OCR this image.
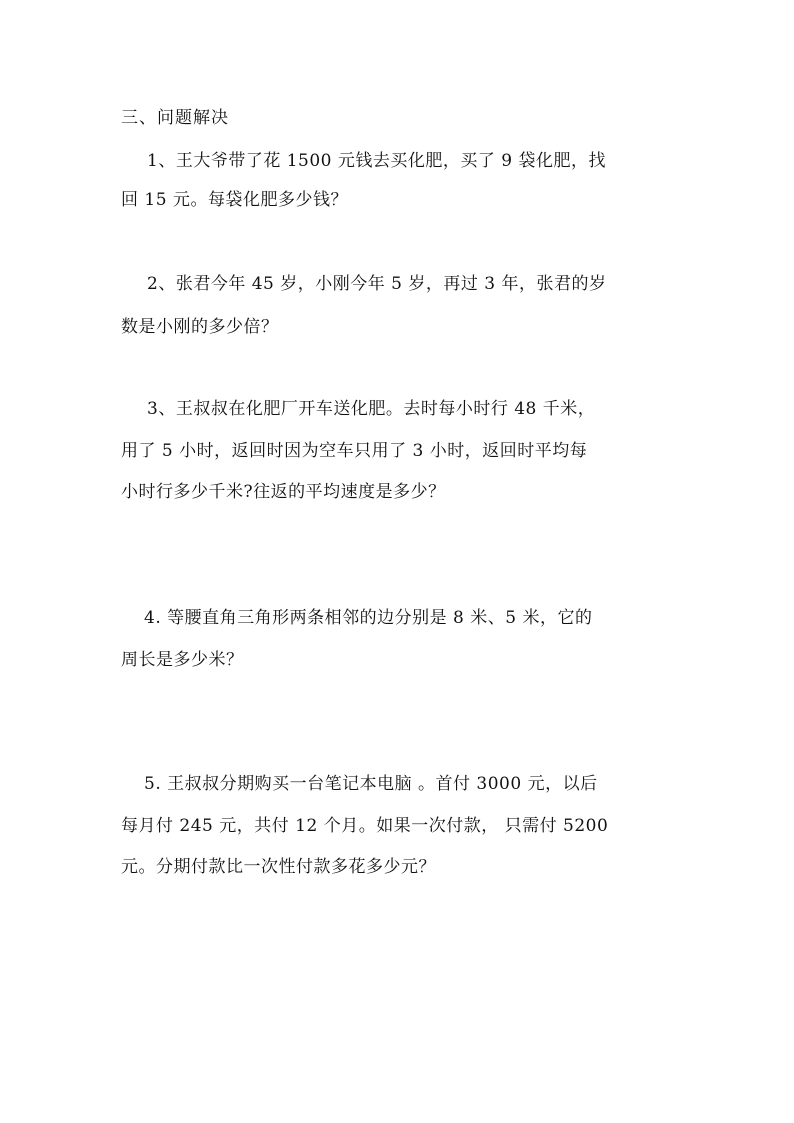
三、问题解决
1、王大爷带了花 1500 元钱去买化肥，买了 9 袋化肥，找
回 15 元。每袋化肥多少钱？
2、张君今年 45 岁，小刚今年 5 岁，再过 3 年，张君的岁
数是小刚的多少倍？
3、王叔叔在化肥厂开车送化肥。去时每小时行 48 千米，
用了 5 小时，返回时因为空车只用了 3 小时，返回时平均每
小时行多少千米?往返的平均速度是多少？
4. 等腰直角三角形两条相邻的边分别是 8 米、5 米，它的
周长是多少米？
5. 王叔叔分期购买一台笔记本电脑 。首付 3000 元，以后
每月付 245 元，共付 12 个月。如果一次付款， 只需付 5200
元。分期付款比一次性付款多花多少元？
